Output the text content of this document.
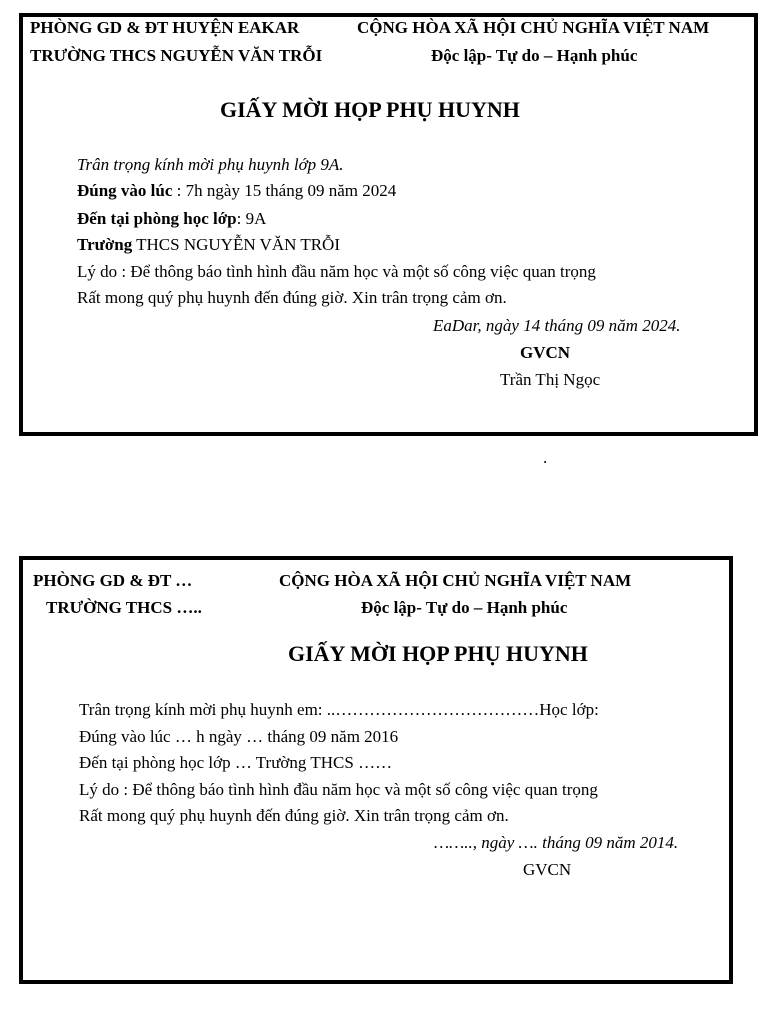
PHÒNG GD & ĐT HUYỆN EAKAR
TRƯỜNG THCS NGUYỄN VĂN TRỖI
CỘNG HÒA XÃ HỘI CHỦ NGHĨA VIỆT NAM
Độc lập- Tự do – Hạnh phúc
GIẤY MỜI HỌP PHỤ HUYNH
Trân trọng kính mời phụ huynh lớp 9A.
Đúng vào lúc : 7h ngày 15 tháng 09 năm 2024
Đến tại phòng học lớp: 9A
Trường THCS NGUYỄN VĂN TRỖI
Lý do : Để thông báo tình hình đầu năm học và một số công việc quan trọng
Rất mong quý phụ huynh đến đúng giờ. Xin trân trọng cảm ơn.
EaDar, ngày 14 tháng 09 năm 2024.
GVCN
Trần Thị Ngọc
.
PHÒNG GD & ĐT …
TRƯỜNG THCS …..
CỘNG HÒA XÃ HỘI CHỦ NGHĨA VIỆT NAM
Độc lập- Tự do – Hạnh phúc
GIẤY MỜI HỌP PHỤ HUYNH
Trân trọng kính mời phụ huynh em: ..………………………………Học lớp:
Đúng vào lúc … h ngày … tháng 09 năm 2016
Đến tại phòng học lớp … Trường THCS ……
Lý do : Để thông báo tình hình đầu năm học và một số công việc quan trọng
Rất mong quý phụ huynh đến đúng giờ. Xin trân trọng cảm ơn.
…….., ngày …. tháng 09 năm 2014.
GVCN
